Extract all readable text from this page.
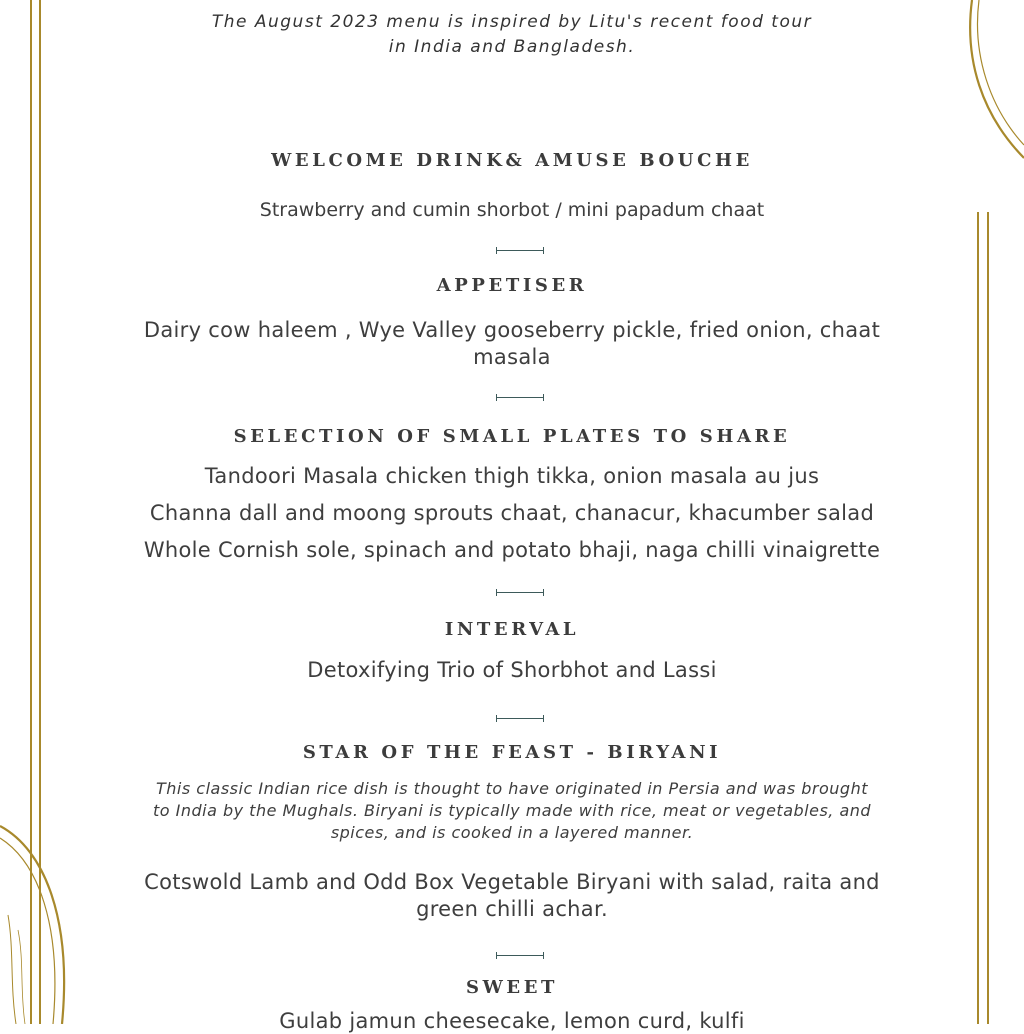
The August 2023 menu is inspired by Litu's recent food tour
in India and Bangladesh.
WELCOME DRINK& AMUSE BOUCHE
Strawberry and cumin shorbot / mini papadum chaat
APPETISER
Dairy cow haleem , Wye Valley gooseberry pickle, fried onion, chaat
masala
SELECTION OF SMALL PLATES TO SHARE
Tandoori Masala chicken thigh tikka, onion masala au jus
Channa dall and moong sprouts chaat, chanacur, khacumber salad
Whole Cornish sole, spinach and potato bhaji, naga chilli vinaigrette
INTERVAL
Detoxifying Trio of Shorbhot and Lassi
STAR OF THE FEAST - BIRYANI
This classic Indian rice dish is thought to have originated in Persia and was brought
to India by the Mughals. Biryani is typically made with rice, meat or vegetables, and
spices, and is cooked in a layered manner.
Cotswold Lamb and Odd Box Vegetable Biryani with salad, raita and
green chilli achar.
SWEET
Gulab jamun cheesecake, lemon curd, kulfi
